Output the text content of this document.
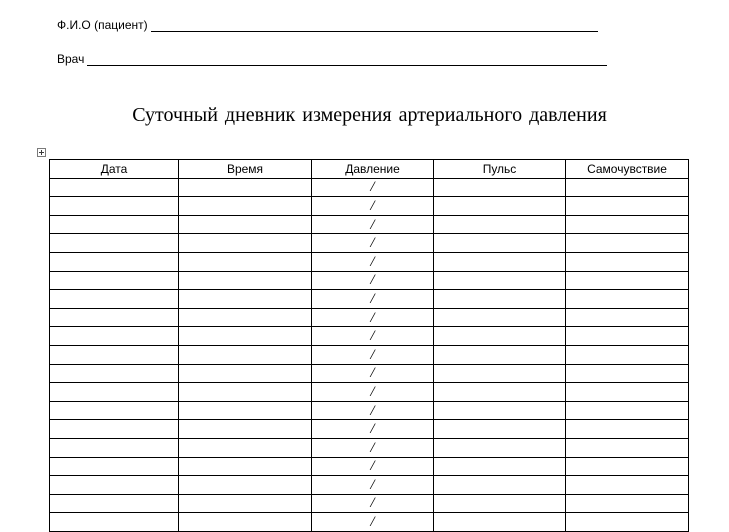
Ф.И.О (пациент)
Врач
Суточный дневник измерения артериального давления
Дата	Время	Давление	Пульс	Самочувствие
		/		
		/		
		/		
		/		
		/		
		/		
		/		
		/		
		/		
		/		
		/		
		/		
		/		
		/		
		/		
		/		
		/		
		/		
		/		
